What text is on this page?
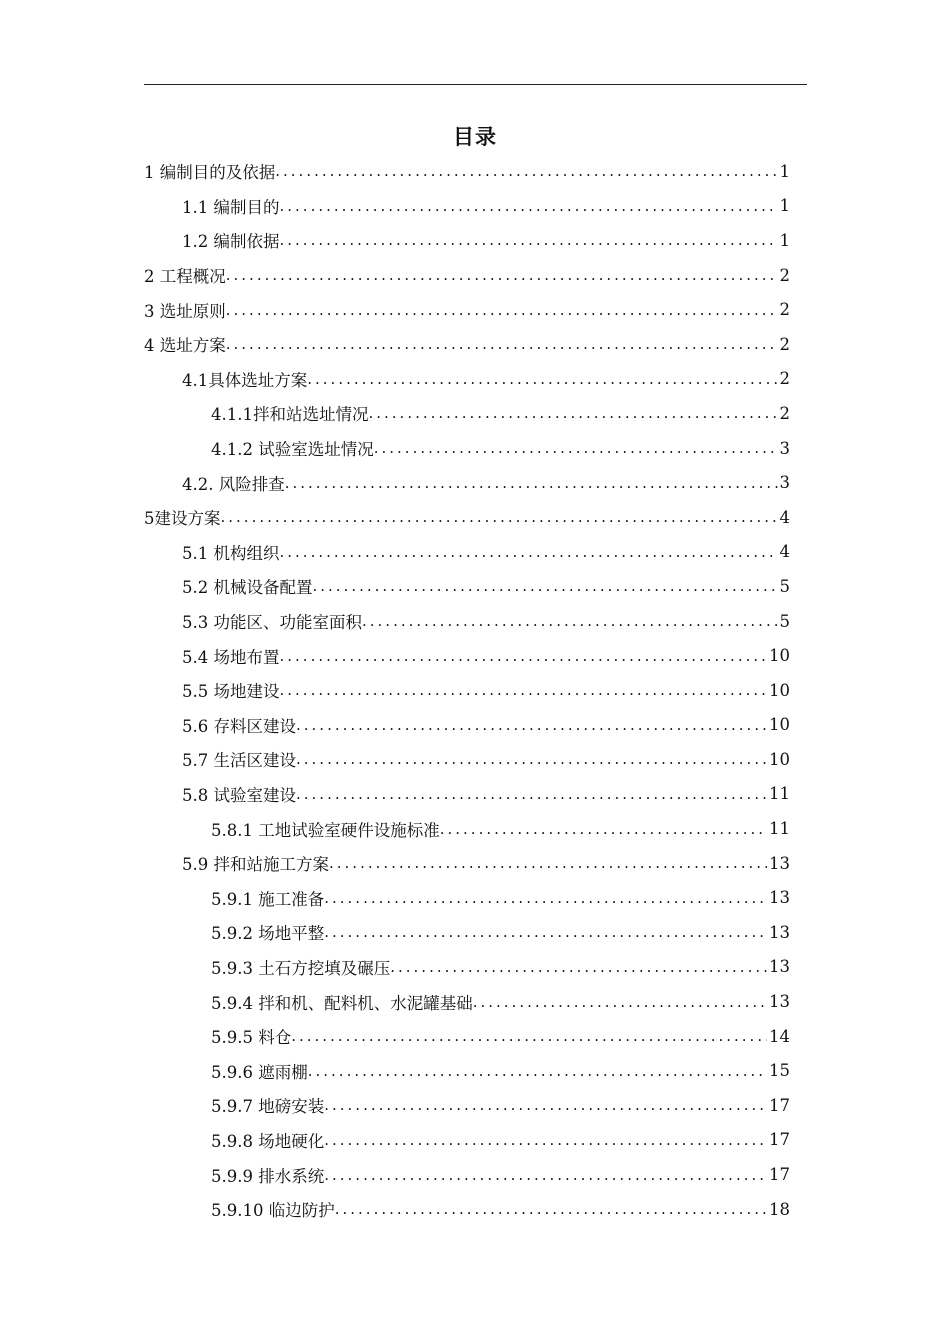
目录
1 编制目的及依据 .....	1
1.1 编制目的 .....	1
1.2 编制依据 .....	1
2 工程概况 .....	2
3 选址原则 .....	2
4 选址方案 .....	2
4.1具体选址方案 .....	2
4.1.1拌和站选址情况 .....	2
4.1.2 试验室选址情况 .....	3
4.2. 风险排查 .....	3
5建设方案 .....	4
5.1 机构组织 .....	4
5.2 机械设备配置 .....	5
5.3 功能区、功能室面积 .....	5
5.4 场地布置 .....	10
5.5 场地建设 .....	10
5.6 存料区建设 .....	10
5.7 生活区建设 .....	10
5.8 试验室建设 .....	11
5.8.1 工地试验室硬件设施标准 .....	11
5.9 拌和站施工方案 .....	13
5.9.1 施工准备 .....	13
5.9.2 场地平整 .....	13
5.9.3 土石方挖填及碾压 .....	13
5.9.4 拌和机、配料机、水泥罐基础 .....	13
5.9.5 料仓 .....	14
5.9.6 遮雨棚 .....	15
5.9.7 地磅安装 .....	17
5.9.8 场地硬化 .....	17
5.9.9 排水系统 .....	17
5.9.10 临边防护 .....	18
